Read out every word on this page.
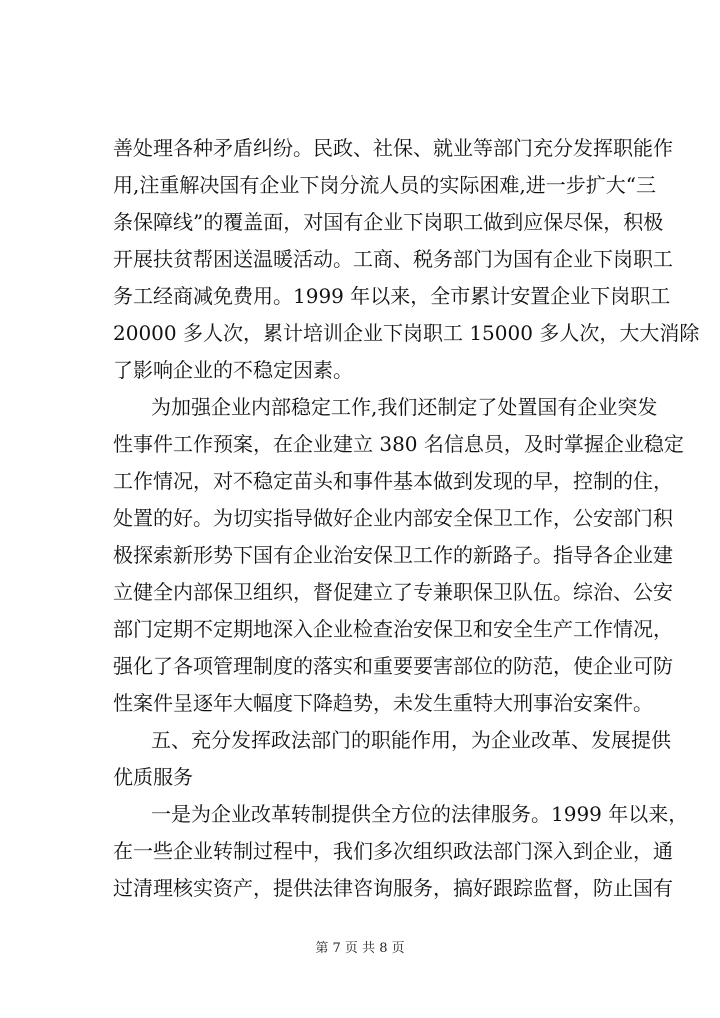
善处理各种矛盾纠纷。民政、社保、就业等部门充分发挥职能作
用,注重解决国有企业下岗分流人员的实际困难,进一步扩大“三
条保障线”的覆盖面，对国有企业下岗职工做到应保尽保，积极
开展扶贫帮困送温暖活动。工商、税务部门为国有企业下岗职工
务工经商减免费用。1999 年以来，全市累计安置企业下岗职工
20000 多人次，累计培训企业下岗职工 15000 多人次，大大消除
了影响企业的不稳定因素。
为加强企业内部稳定工作,我们还制定了处置国有企业突发
性事件工作预案，在企业建立 380 名信息员，及时掌握企业稳定
工作情况，对不稳定苗头和事件基本做到发现的早，控制的住，
处置的好。为切实指导做好企业内部安全保卫工作，公安部门积
极探索新形势下国有企业治安保卫工作的新路子。指导各企业建
立健全内部保卫组织，督促建立了专兼职保卫队伍。综治、公安
部门定期不定期地深入企业检查治安保卫和安全生产工作情况，
强化了各项管理制度的落实和重要要害部位的防范，使企业可防
性案件呈逐年大幅度下降趋势，未发生重特大刑事治安案件。
五、充分发挥政法部门的职能作用，为企业改革、发展提供
优质服务
一是为企业改革转制提供全方位的法律服务。1999 年以来，
在一些企业转制过程中，我们多次组织政法部门深入到企业，通
过清理核实资产，提供法律咨询服务，搞好跟踪监督，防止国有
第 7 页 共 8 页
